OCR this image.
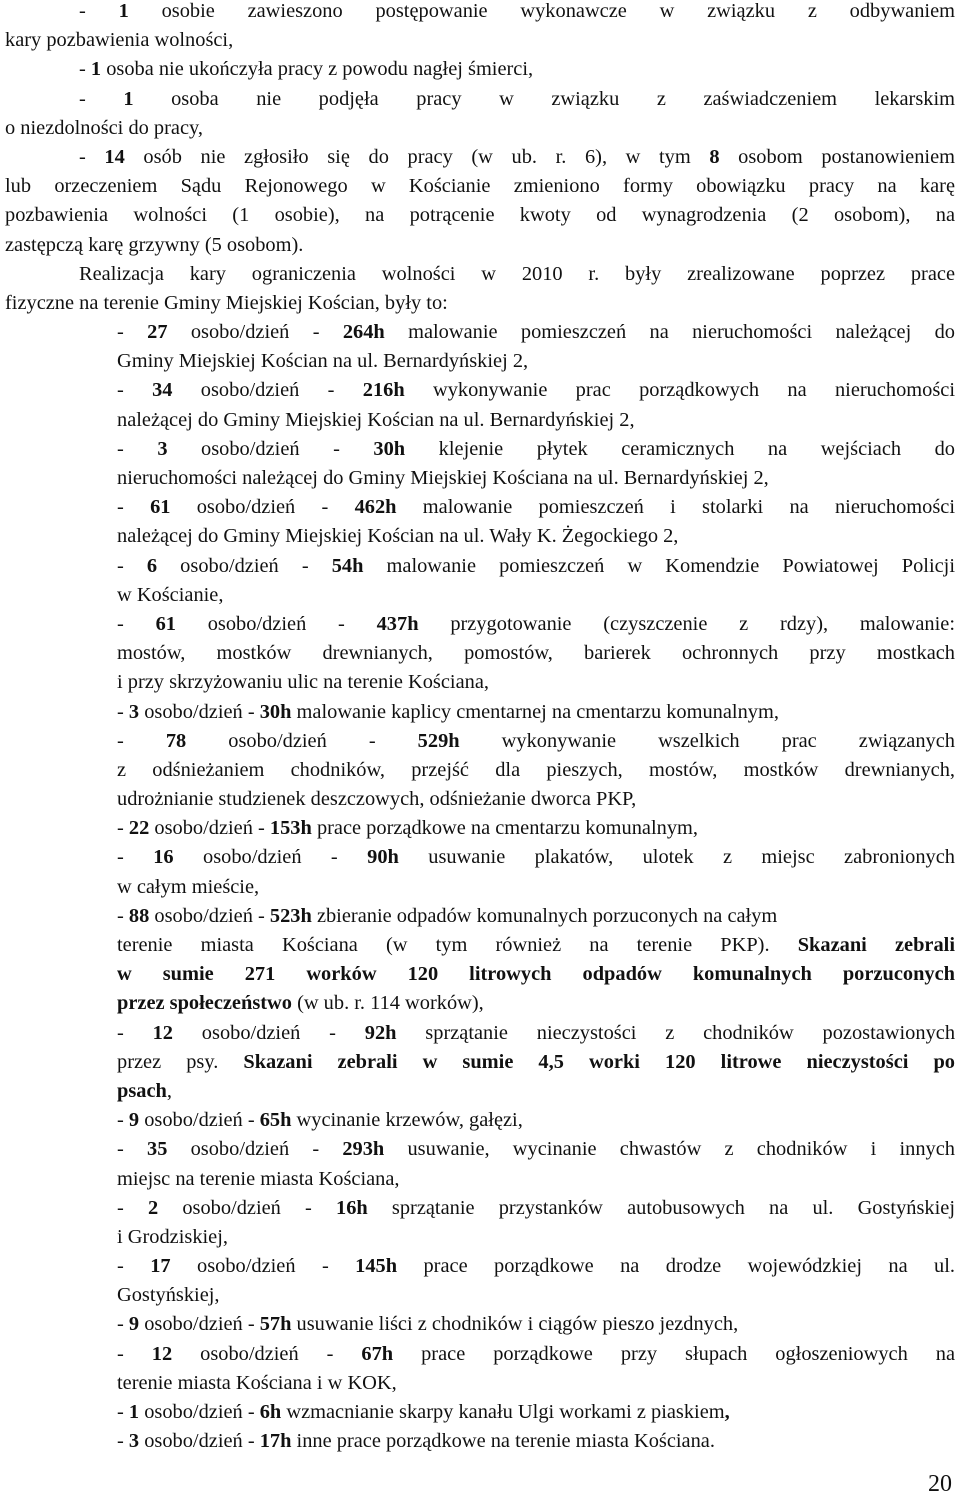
- 1 osobie zawieszono postępowanie wykonawcze w związku z odbywaniem
kary pozbawienia wolności,
- 1 osoba nie ukończyła pracy z powodu nagłej śmierci,
- 1 osoba nie podjęła pracy w związku z zaświadczeniem lekarskim
o niezdolności do pracy,
- 14 osób nie zgłosiło się do pracy (w ub. r. 6), w tym 8 osobom postanowieniem
lub orzeczeniem Sądu Rejonowego w Kościanie zmieniono formy obowiązku pracy na karę
pozbawienia wolności (1 osobie), na potrącenie kwoty od wynagrodzenia (2 osobom), na
zastępczą karę grzywny (5 osobom).
Realizacja kary ograniczenia wolności w 2010 r. były zrealizowane poprzez prace
fizyczne na terenie Gminy Miejskiej Kościan, były to:
- 27 osobo/dzień - 264h malowanie pomieszczeń na nieruchomości należącej do
Gminy Miejskiej Kościan na ul. Bernardyńskiej 2,
- 34 osobo/dzień - 216h wykonywanie prac porządkowych na nieruchomości
należącej do Gminy Miejskiej Kościan na ul. Bernardyńskiej 2,
- 3 osobo/dzień - 30h klejenie płytek ceramicznych na wejściach do
nieruchomości należącej do Gminy Miejskiej Kościana na ul. Bernardyńskiej 2,
- 61 osobo/dzień - 462h malowanie pomieszczeń i stolarki na nieruchomości
należącej do Gminy Miejskiej Kościan na ul. Wały K. Żegockiego 2,
- 6 osobo/dzień - 54h malowanie pomieszczeń w Komendzie Powiatowej Policji
w Kościanie,
- 61 osobo/dzień - 437h przygotowanie (czyszczenie z rdzy), malowanie:
mostów, mostków drewnianych, pomostów, barierek ochronnych przy mostkach
i przy skrzyżowaniu ulic na terenie Kościana,
- 3 osobo/dzień - 30h malowanie kaplicy cmentarnej na cmentarzu komunalnym,
- 78 osobo/dzień - 529h wykonywanie wszelkich prac związanych
z odśnieżaniem chodników, przejść dla pieszych, mostów, mostków drewnianych,
udrożnianie studzienek deszczowych, odśnieżanie dworca PKP,
- 22 osobo/dzień - 153h prace porządkowe na cmentarzu komunalnym,
- 16 osobo/dzień - 90h usuwanie plakatów, ulotek z miejsc zabronionych
w całym mieście,
- 88 osobo/dzień - 523h zbieranie odpadów komunalnych porzuconych na całym
terenie miasta Kościana (w tym również na terenie PKP). Skazani zebrali
w sumie 271 worków 120 litrowych odpadów komunalnych porzuconych
przez społeczeństwo (w ub. r. 114 worków),
- 12 osobo/dzień - 92h sprzątanie nieczystości z chodników pozostawionych
przez psy. Skazani zebrali w sumie 4,5 worki 120 litrowe nieczystości po
psach,
- 9 osobo/dzień - 65h wycinanie krzewów, gałęzi,
- 35 osobo/dzień - 293h usuwanie, wycinanie chwastów z chodników i innych
miejsc na terenie miasta Kościana,
- 2 osobo/dzień - 16h sprzątanie przystanków autobusowych na ul. Gostyńskiej
i Grodziskiej,
- 17 osobo/dzień - 145h prace porządkowe na drodze wojewódzkiej na ul.
Gostyńskiej,
- 9 osobo/dzień - 57h usuwanie liści z chodników i ciągów pieszo jezdnych,
- 12 osobo/dzień - 67h prace porządkowe przy słupach ogłoszeniowych na
terenie miasta Kościana i w KOK,
- 1 osobo/dzień - 6h wzmacnianie skarpy kanału Ulgi workami z piaskiem,
- 3 osobo/dzień - 17h inne prace porządkowe na terenie miasta Kościana.
20
